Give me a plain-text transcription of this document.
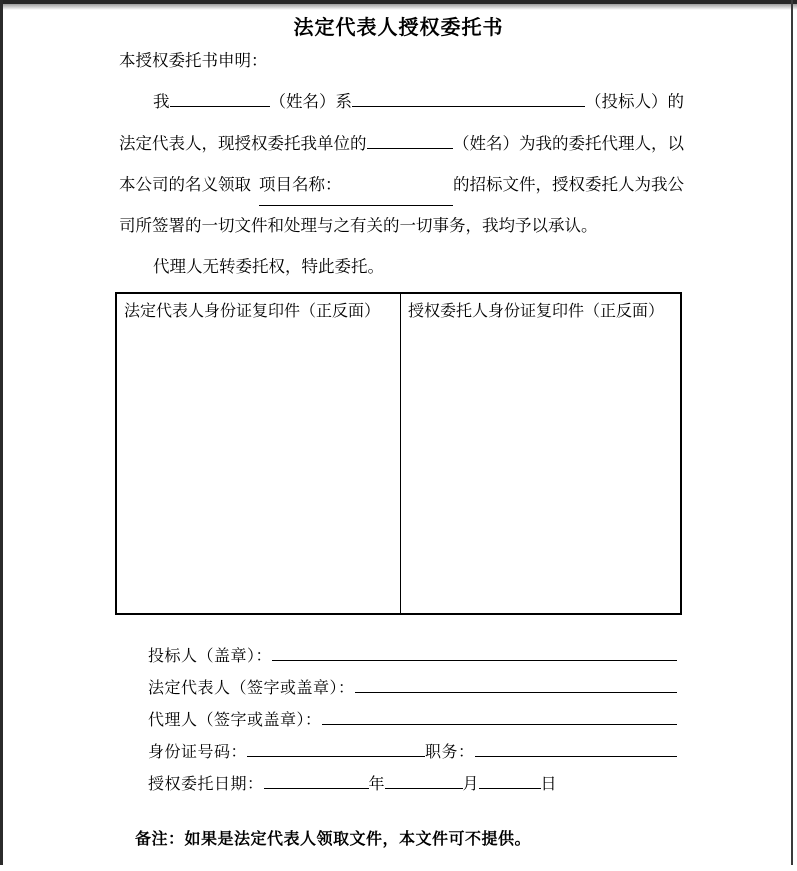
法定代表人授权委托书
本授权委托书申明：
我	（姓名）系	（投标人）的
法定代表人，现授权委托我单位的	（姓名）为我的委托代理人，以
本公司的名义领取 项目名称：	的招标文件，授权委托人为我公
司所签署的一切文件和处理与之有关的一切事务，我均予以承认。
代理人无转委托权，特此委托。
法定代表人身份证复印件（正反面）	授权委托人身份证复印件（正反面）
投标人（盖章）：
法定代表人（签字或盖章）：
代理人（签字或盖章）：
身份证号码：	职务：
授权委托日期：	年	月	日
备注：如果是法定代表人领取文件，本文件可不提供。
